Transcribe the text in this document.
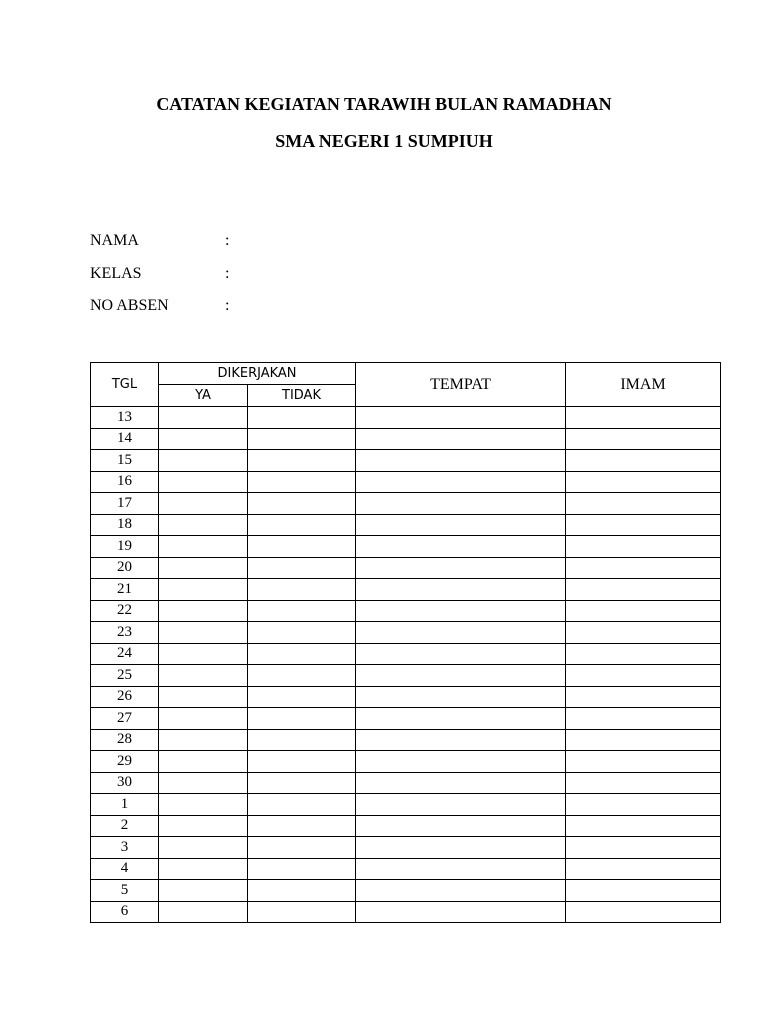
CATATAN KEGIATAN TARAWIH BULAN RAMADHAN
SMA NEGERI 1 SUMPIUH
NAMA	:
KELAS	:
NO ABSEN	:
TGL	DIKERJAKAN		TEMPAT	IMAM
	YA	TIDAK		
13				
14				
15				
16				
17				
18				
19				
20				
21				
22				
23				
24				
25				
26				
27				
28				
29				
30				
1				
2				
3				
4				
5				
6				
